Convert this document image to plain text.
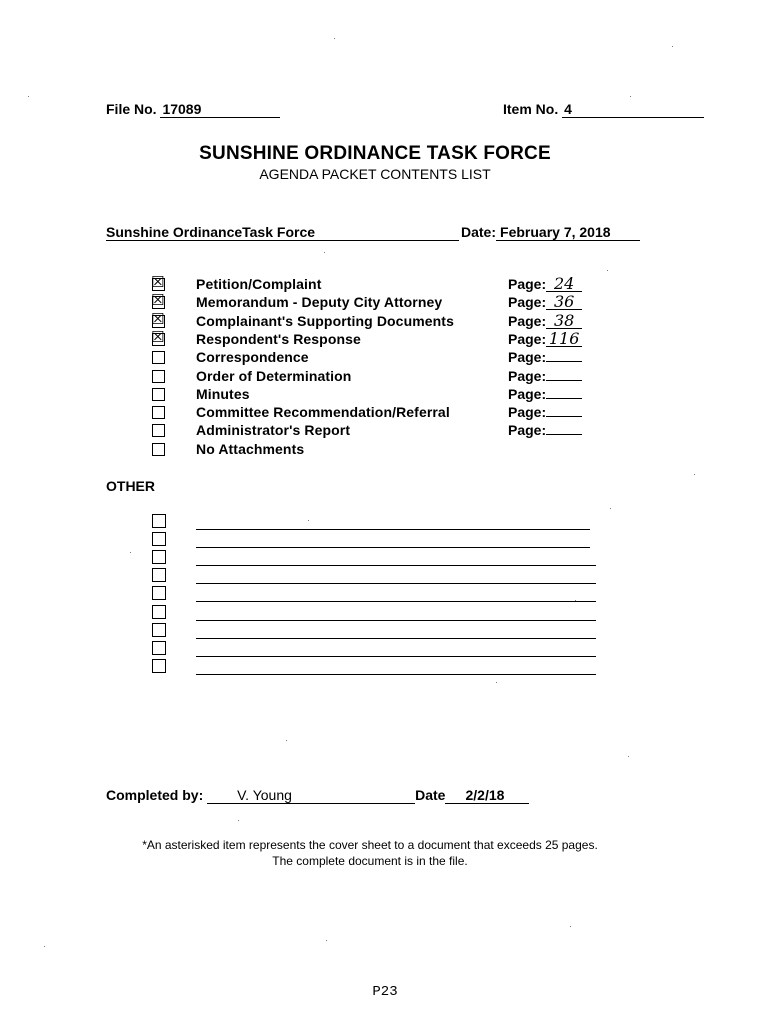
File No. 17089	Item No. 4
SUNSHINE ORDINANCE TASK FORCE
AGENDA PACKET CONTENTS LIST
Sunshine OrdinanceTask Force	Date: February 7, 2018
☒ Petition/Complaint	Page: 24
☒ Memorandum - Deputy City Attorney	Page: 36
☒ Complainant's Supporting Documents	Page: 38
☒ Respondent's Response	Page: 116
Correspondence	Page:
Order of Determination	Page:
Minutes	Page:
Committee Recommendation/Referral	Page:
Administrator's Report	Page:
No Attachments
OTHER
Completed by: V. Young	Date 2/2/18
*An asterisked item represents the cover sheet to a document that exceeds 25 pages.
The complete document is in the file.
P23
